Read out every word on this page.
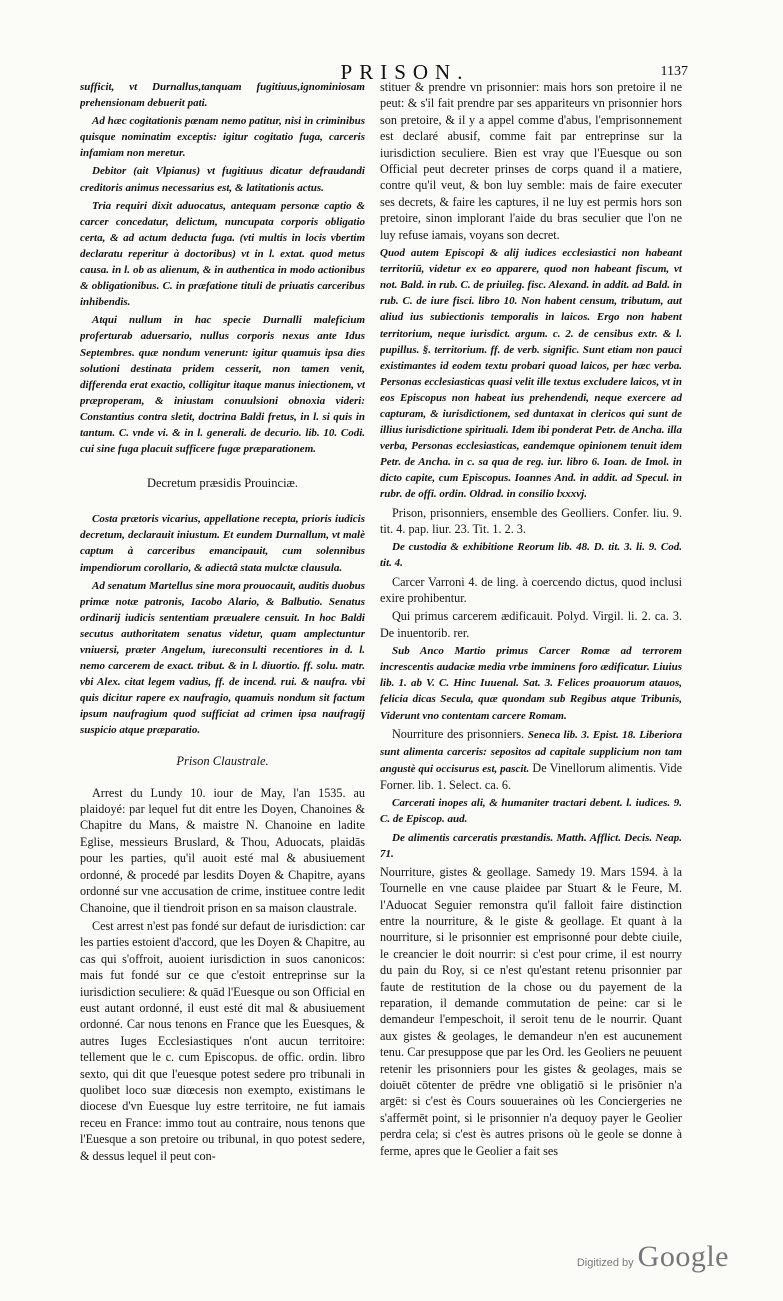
PRISON.	1137

sufficit, vt Durnallus,tanquam fugitiuus,ignominiosam prehensionam debuerit pati.

Ad hæc cogitationis pœnam nemo patitur, nisi in criminibus quisque nominatim exceptis: igitur cogitatio fuga, carceris infamiam non meretur.

Debitor (ait Vlpianus) vt fugitiuus dicatur defraudandi creditoris animus necessarius est, & latitationis actus.

Tria requiri dixit aduocatus, antequam personæ captio & carcer concedatur, delictum, nuncupata corporis obligatio certa, & ad actum deducta fuga. (vti multis in locis vbertim declaratu reperitur à doctoribus) vt in l. extat. quod metus causa. in l. ob as alienum, & in authentica in modo actionibus & obligationibus. C. in præfatione tituli de priuatis carceribus inhibendis.

Atqui nullum in hac specie Durnalli maleficium proferturab aduersario, nullus corporis nexus ante Idus Septembres. quæ nondum venerunt: igitur quamuis ipsa dies solutioni destinata pridem cesserit, non tamen venit, differenda erat exactio, colligitur itaque manus iniectionem, vt præproperam, & iniustam conuulsioni obnoxia videri: Constantius contra sletit, doctrina Baldi fretus, in l. si quis in tantum. C. vnde vi. & in l. generali. de decurio. lib. 10. Codi. cui sine fuga placuit sufficere fugæ præparationem.

Decretum præsidis Prouinciæ.

Costa prætoris vicarius, appellatione recepta, prioris iudicis decretum, declarauit iniustum. Et eundem Durnallum, vt malè captum à carceribus emancipauit, cum solennibus impendiorum corollario, & adiectâ stata mulctæ clausula.

Ad senatum Martellus sine mora prouocauit, auditis duobus primæ notæ patronis, Iacobo Alario, & Balbutio. Senatus ordinarij iudicis sententiam præualere censuit. In hoc Baldi secutus authoritatem senatus videtur, quam amplectuntur vniuersi, præter Angelum, iureconsulti recentiores in d. l. nemo carcerem de exact. tribut. & in l. diuortio. ff. solu. matr. vbi Alex. citat legem vadius, ff. de incend. rui. & naufra. vbi quis dicitur rapere ex naufragio, quamuis nondum sit factum ipsum naufragium quod sufficiat ad crimen ipsa naufragij suspicio atque præparatio.

Prison Claustrale.

Arrest du Lundy 10. iour de May, l'an 1535. au plaidoyé: par lequel fut dit entre les Doyen, Chanoines & Chapitre du Mans, & maistre N. Chanoine en ladite Eglise, messieurs Bruslard, & Thou, Aduocats, plaidās pour les parties, qu'il auoit esté mal & abusiuement ordonné, & procedé par lesdits Doyen & Chapitre, ayans ordonné sur vne accusation de crime, instituee contre ledit Chanoine, que il tiendroit prison en sa maison claustrale.

Cest arrest n'est pas fondé sur defaut de iurisdiction: car les parties estoient d'accord, que les Doyen & Chapitre, au cas qui s'offroit, auoient iurisdiction in suos canonicos: mais fut fondé sur ce que c'estoit entreprinse sur la iurisdiction seculiere: & quād l'Euesque ou son Official en eust autant ordonné, il eust esté dit mal & abusiuement ordonné. Car nous tenons en France que les Euesques, & autres Iuges Ecclesiastiques n'ont aucun territoire: tellement que le c. cum Episcopus. de offic. ordin. libro sexto, qui dit que l'euesque potest sedere pro tribunali in quolibet loco suæ diœcesis non exempto, existimans le diocese d'vn Euesque luy estre territoire, ne fut iamais receu en France: immo tout au contraire, nous tenons que l'Euesque a son pretoire ou tribunal, in quo potest sedere, & dessus lequel il peut con-

stituer & prendre vn prisonnier: mais hors son pretoire il ne peut: & s'il fait prendre par ses appariteurs vn prisonnier hors son pretoire, & il y a appel comme d'abus, l'emprisonnement est declaré abusif, comme fait par entreprinse sur la iurisdiction seculiere. Bien est vray que l'Euesque ou son Official peut decreter prinses de corps quand il a matiere, contre qu'il veut, & bon luy semble: mais de faire executer ses decrets, & faire les captures, il ne luy est permis hors son pretoire, sinon implorant l'aide du bras seculier que l'on ne luy refuse iamais, voyans son decret.

Quod autem Episcopi & alij iudices ecclesiastici non habeant territoriū, videtur ex eo apparere, quod non habeant fiscum, vt not. Bald. in rub. C. de priuileg. fisc. Alexand. in addit. ad Bald. in rub. C. de iure fisci. libro 10. Non habent censum, tributum, aut aliud ius subiectionis temporalis in laicos. Ergo non habent territorium, neque iurisdict. argum. c. 2. de censibus extr. & l. pupillus. §. territorium. ff. de verb. signific. Sunt etiam non pauci existimantes id eodem textu probari quoad laicos, per hæc verba. Personas ecclesiasticas quasi velit ille textus excludere laicos, vt in eos Episcopus non habeat ius prehendendi, neque exercere ad capturam, & iurisdictionem, sed duntaxat in clericos qui sunt de illius iurisdictione spirituali. Idem ibi ponderat Petr. de Ancha. illa verba, Personas ecclesiasticas, eandemque opinionem tenuit idem Petr. de Ancha. in c. sa qua de reg. iur. libro 6. Ioan. de Imol. in dicto capite, cum Episcopus. Ioannes And. in addit. ad Specul. in rubr. de offi. ordin. Oldrad. in consilio lxxxvj.

Prison, prisonniers, ensemble des Geolliers. Confer. liu. 9. tit. 4. pap. liur. 23. Tit. 1. 2. 3.

De custodia & exhibitione Reorum lib. 48. D. tit. 3. li. 9. Cod. tit. 4.

Carcer Varroni 4. de ling. à coercendo dictus, quod inclusi exire prohibentur.

Qui primus carcerem ædificauit. Polyd. Virgil. li. 2. ca. 3. De inuentorib. rer.

Sub Anco Martio primus Carcer Romæ ad terrorem increscentis audaciæ media vrbe imminens foro ædificatur. Liuius lib. 1. ab V. C. Hinc Iuuenal. Sat. 3. Felices proauorum atauos, felicia dicas Secula, quæ quondam sub Regibus atque Tribunis, Viderunt vno contentam carcere Romam.

Nourriture des prisonniers. Seneca lib. 3. Epist. 18. Liberiora sunt alimenta carceris: sepositos ad capitale supplicium non tam angustè qui occisurus est, pascit. De Vinellorum alimentis. Vide Forner. lib. 1. Select. ca. 6.

Carcerati inopes ali, & humaniter tractari debent. l. iudices. 9. C. de Episcop. aud.

De alimentis carceratis præstandis. Matth. Afflict. Decis. Neap. 71.

Nourriture, gistes & geollage. Samedy 19. Mars 1594. à la Tournelle en vne cause plaidee par Stuart & le Feure, M. l'Aduocat Seguier remonstra qu'il falloit faire distinction entre la nourriture, & le giste & geollage. Et quant à la nourriture, si le prisonnier est emprisonné pour debte ciuile, le creancier le doit nourrir: si c'est pour crime, il est nourry du pain du Roy, si ce n'est qu'estant retenu prisonnier par faute de restitution de la chose ou du payement de la reparation, il demande commutation de peine: car si le demandeur l'empeschoit, il seroit tenu de le nourrir. Quant aux gistes & geolages, le demandeur n'en est aucunement tenu. Car presuppose que par les Ord. les Geoliers ne peuuent retenir les prisonniers pour les gistes & geolages, mais se doiuēt cōtenter de prēdre vne obligatiō si le prisōnier n'a argēt: si c'est ès Cours souueraines où les Conciergeries ne s'affermēt point, si le prisonnier n'a dequoy payer le Geolier perdra cela; si c'est ès autres prisons où le geole se donne à ferme, apres que le Geolier a fait ses

Digitized by Google
